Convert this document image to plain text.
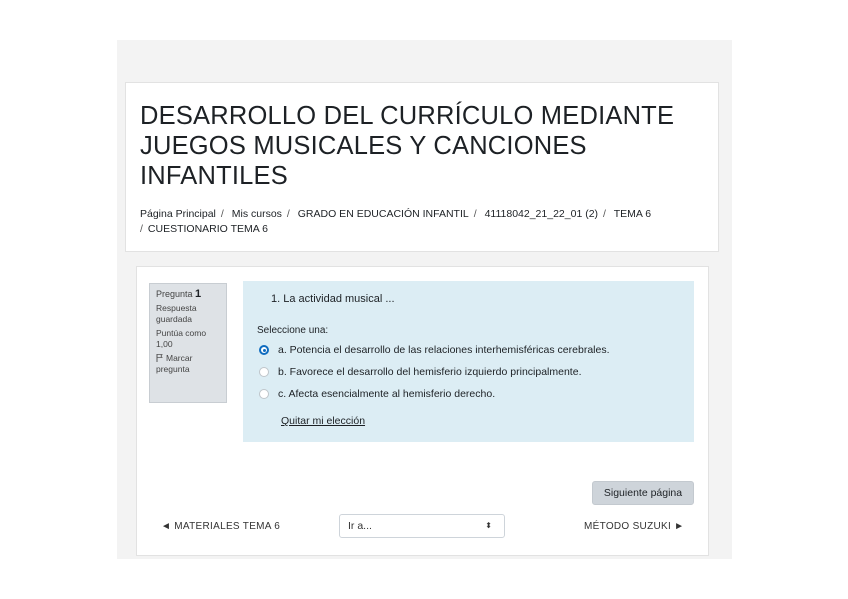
DESARROLLO DEL CURRÍCULO MEDIANTE JUEGOS MUSICALES Y CANCIONES INFANTILES
Página Principal / Mis cursos / GRADO EN EDUCACIÓN INFANTIL / 41118042_21_22_01 (2) / TEMA 6
/ CUESTIONARIO TEMA 6
Pregunta 1
Respuesta guardada
Puntúa como 1,00
Marcar pregunta
1. La actividad musical ...
Seleccione una:
a. Potencia el desarrollo de las relaciones interhemisféricas cerebrales.
b. Favorece el desarrollo del hemisferio izquierdo principalmente.
c. Afecta esencialmente al hemisferio derecho.
Quitar mi elección
Siguiente página
◄ MATERIALES TEMA 6	Ir a...	⬍	MÉTODO SUZUKI ►
